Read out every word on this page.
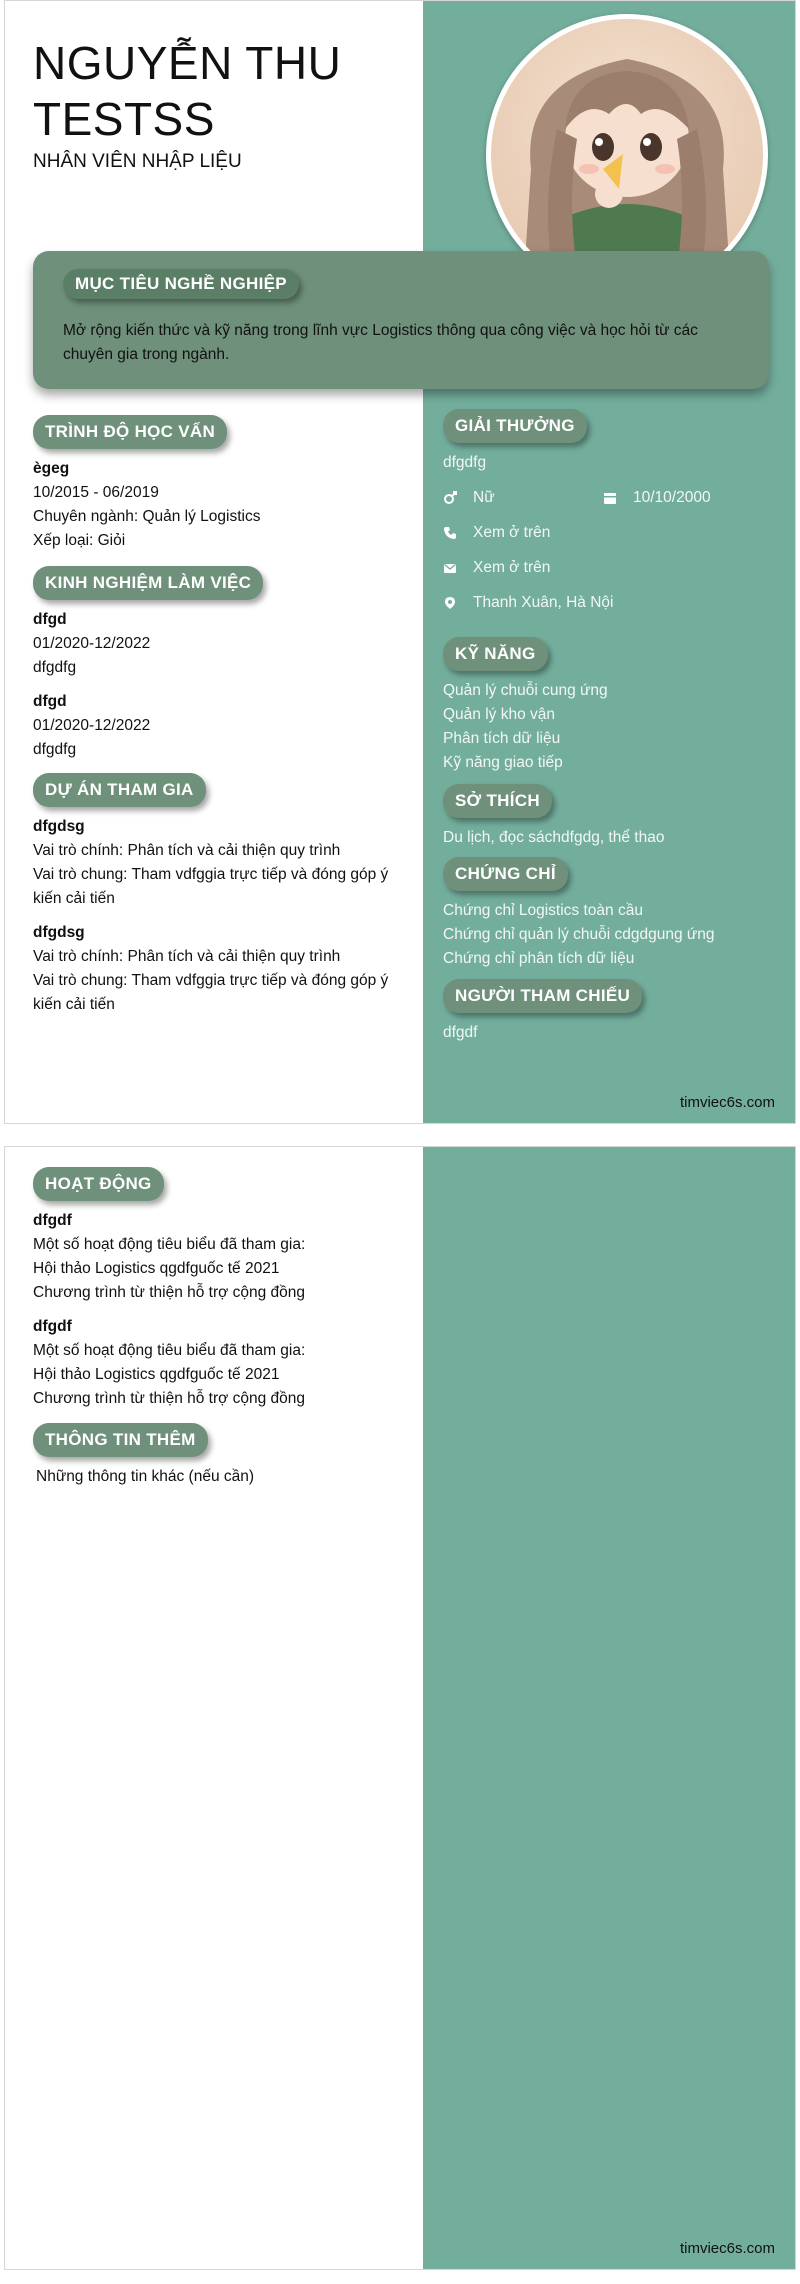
NGUYỄN THU
TESTSS
NHÂN VIÊN NHẬP LIỆU
MỤC TIÊU NGHỀ NGHIỆP
Mở rộng kiến thức và kỹ năng trong lĩnh vực Logistics thông qua công việc và học hỏi từ các chuyên gia trong ngành.
TRÌNH ĐỘ HỌC VẤN
ègeg
10/2015 - 06/2019
Chuyên ngành: Quản lý Logistics
Xếp loại: Giỏi
KINH NGHIỆM LÀM VIỆC
dfgd
01/2020-12/2022
dfgdfg
dfgd
01/2020-12/2022
dfgdfg
DỰ ÁN THAM GIA
dfgdsg
Vai trò chính: Phân tích và cải thiện quy trình
Vai trò chung: Tham vdfggia trực tiếp và đóng góp ý kiến cải tiến
dfgdsg
Vai trò chính: Phân tích và cải thiện quy trình
Vai trò chung: Tham vdfggia trực tiếp và đóng góp ý kiến cải tiến
GIẢI THƯỞNG
dfgdfg
Nữ	10/10/2000
Xem ở trên
Xem ở trên
Thanh Xuân, Hà Nội
KỸ NĂNG
Quản lý chuỗi cung ứng
Quản lý kho vận
Phân tích dữ liệu
Kỹ năng giao tiếp
SỞ THÍCH
Du lịch, đọc sáchdfgdg, thể thao
CHỨNG CHỈ
Chứng chỉ Logistics toàn cầu
Chứng chỉ quản lý chuỗi cdgdgung ứng
Chứng chỉ phân tích dữ liệu
NGƯỜI THAM CHIẾU
dfgdf
timviec6s.com
HOẠT ĐỘNG
dfgdf
Một số hoạt động tiêu biểu đã tham gia:
Hội thảo Logistics qgdfguốc tế 2021
Chương trình từ thiện hỗ trợ cộng đồng
dfgdf
Một số hoạt động tiêu biểu đã tham gia:
Hội thảo Logistics qgdfguốc tế 2021
Chương trình từ thiện hỗ trợ cộng đồng
THÔNG TIN THÊM
Những thông tin khác (nếu cần)
timviec6s.com
